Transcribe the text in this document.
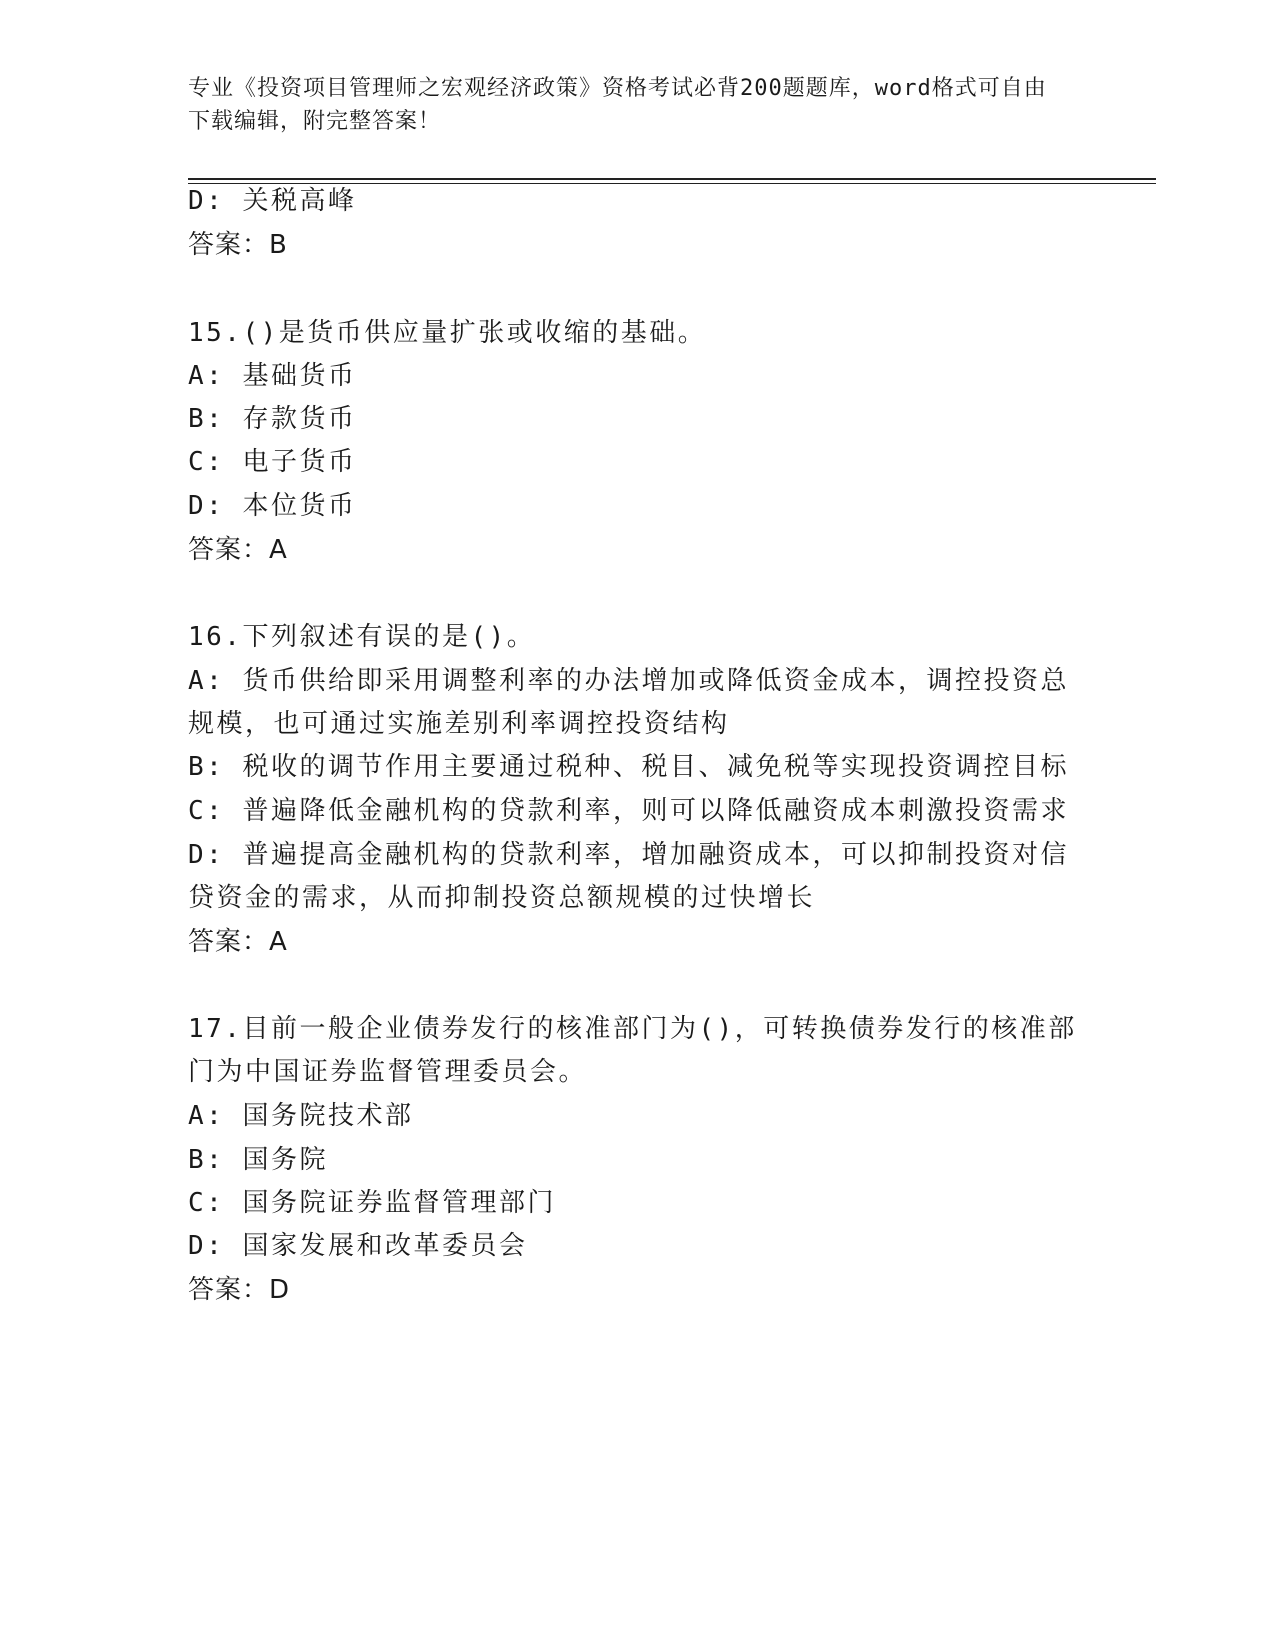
专业《投资项目管理师之宏观经济政策》资格考试必背200题题库，word格式可自由下载编辑，附完整答案！
D: 关税高峰
答案：B
15.()是货币供应量扩张或收缩的基础。
A: 基础货币
B: 存款货币
C: 电子货币
D: 本位货币
答案：A
16.下列叙述有误的是()。
A: 货币供给即采用调整利率的办法增加或降低资金成本，调控投资总
规模，也可通过实施差别利率调控投资结构
B: 税收的调节作用主要通过税种、税目、减免税等实现投资调控目标
C: 普遍降低金融机构的贷款利率，则可以降低融资成本刺激投资需求
D: 普遍提高金融机构的贷款利率，增加融资成本，可以抑制投资对信
贷资金的需求，从而抑制投资总额规模的过快增长
答案：A
17.目前一般企业债券发行的核准部门为()，可转换债券发行的核准部
门为中国证券监督管理委员会。
A: 国务院技术部
B: 国务院
C: 国务院证券监督管理部门
D: 国家发展和改革委员会
答案：D
